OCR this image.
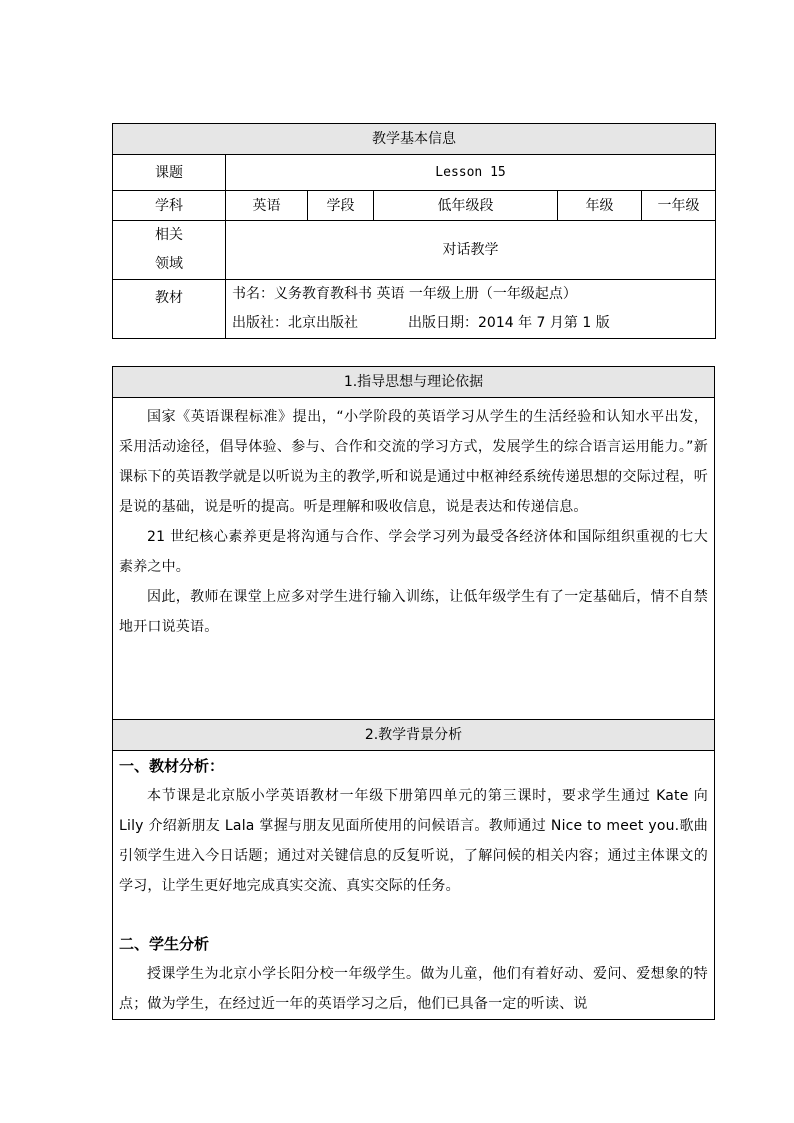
教学基本信息					
课题	Lesson 15				
学科	英语	学段	低年级段	年级	一年级

相关
领域	对话教学				
教材	书名：义务教育教科书 英语 一年级上册（一年级起点）
出版社：北京出版社 出版日期：2014 年 7 月第 1 版				
1.指导思想与理论依据

国家《英语课程标准》提出，“小学阶段的英语学习从学生的生活经验和认知水平出发，采用活动途径，倡导体验、参与、合作和交流的学习方式，发展学生的综合语言运用能力。”新课标下的英语教学就是以听说为主的教学,听和说是通过中枢神经系统传递思想的交际过程，听是说的基础，说是听的提高。听是理解和吸收信息，说是表达和传递信息。

21 世纪核心素养更是将沟通与合作、学会学习列为最受各经济体和国际组织重视的七大素养之中。

因此，教师在课堂上应多对学生进行输入训练，让低年级学生有了一定基础后，情不自禁地开口说英语。

2.教学背景分析

一、教材分析：

本节课是北京版小学英语教材一年级下册第四单元的第三课时，要求学生通过 Kate 向 Lily 介绍新朋友 Lala 掌握与朋友见面所使用的问候语言。教师通过 Nice to meet you.歌曲引领学生进入今日话题；通过对关键信息的反复听说，了解问候的相关内容；通过主体课文的学习，让学生更好地完成真实交流、真实交际的任务。

二、学生分析

授课学生为北京小学长阳分校一年级学生。做为儿童，他们有着好动、爱问、爱想象的特点；做为学生，在经过近一年的英语学习之后，他们已具备一定的听读、说
